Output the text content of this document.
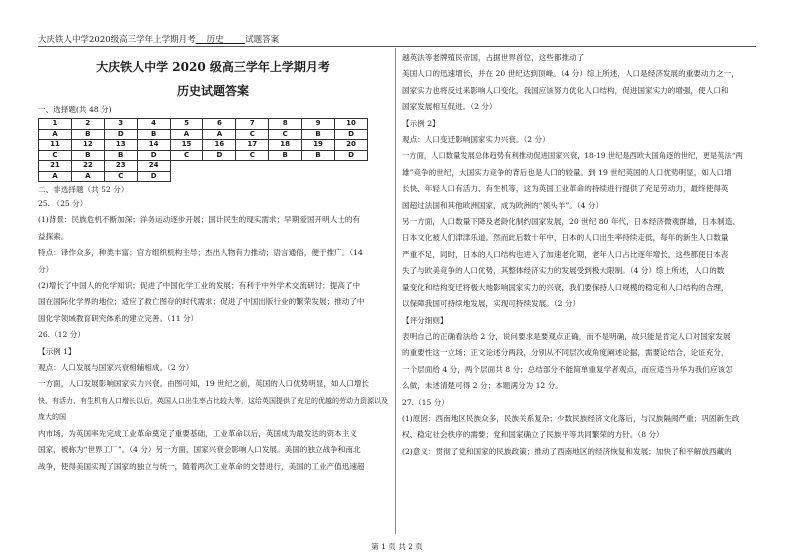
大庆铁人中学2020级高三学年上学期月考 历史	试题答案
大庆铁人中学 2020 级高三学年上学期月考
历史试题答案
一、选择题(共 48 分)
1	2	3	4	5	6	7	8	9	10
A	B	D	B	A	A	C	C	B	D
11	12	13	14	15	16	17	18	19	20
C	B	B	D	C	D	C	B	B	D
21	22	23	24						
A	A	C	D						
二、非选择题（共 52 分）

25. （25 分）

(1)背景：民族危机不断加深；洋务运动逐步开展；国计民生的现实需求；早期爱国开明人士的有

益探索。

特点：译作众多，种类丰富；官方组织机构主导；杰出人物有力推动；语言通俗，便于推广。（14

分）

(2)增长了中国人的化学知识；促进了中国化学工业的发展；有利于中外学术交流研讨；提高了中

国在国际化学界的地位；适应了救亡图存的时代需求；促进了中国出版行业的繁荣发展；推动了中

国化学领域教育研究体系的建立完善。（11 分）

26.（12 分）

【示例 1】

观点：人口发展与国家兴衰相辅相成。（2 分）

一方面，人口发展影响国家实力兴衰。由图可知，19 世纪之前，英国的人口优势明显，如人口增长

快、有活力、有生机有人口增长以后，英国人口出生率占比较大等，这给英国提供了充足的优越的劳动力资源以及庞大的国

内市场，为英国率先完成工业革命奠定了重要基础，工业革命以后，英国成为最发达的资本主义

国家，被称为“世界工厂”。（4 分）另一方面，国家兴衰会影响人口发展。美国的独立战争和南北

战争，使得美国实现了国家的独立与统一，随着两次工业革命的交替进行，美国的工业产值迅速超

越英法等老牌殖民帝国，占据世界首位，这些都推动了

美国人口的迅速增长，并在 20 世纪达到顶峰。（4 分）综上所述，人口是经济发展的重要动力之一，

国家实力也将反过来影响人口变化，我国应该努力优化人口结构，促进国家实力的增强，使人口和

国家发展相互促进。（2 分）

【示例 2】

观点：人口变迁影响国家实力兴衰。（2 分）

一方面，人口数量发展总体趋势有利推动促进国家兴衰，18-19 世纪是西欧大国角逐的世纪，更是英法“两

雄”竞争的世纪，大国实力竞争的背后也是人口的较量。到 19 世纪英国的人口优势明显，如人口增

长快、年轻人口有活力、有生机等，这为英国工业革命的持续进行提供了充足劳动力，最终使得英

国超过法国和其他欧洲国家，成为欧洲的“领头羊”。（4 分）

另一方面，人口数量下降及老龄化制约国家发展，20 世纪 80 年代，日本经济微观群雄，日本制造、

日本文化被人们津津乐道。然而此后数十年中，日本的人口出生率持续走低，每年的新生人口数量

严重不足，同时，日本的人口结构也进入了加速老化期，老年人口占比逐年增长，这些都使日本丧

失了与欧美竞争的人口优势，其整体经济实力的发展受到极大限制。（4 分）综上所述，人口的数

量变化和结构变迁将极大地影响国家实力的兴衰，我们要保持人口规模的稳定和人口结构的合理，

以保障我国可持续地发展，实现可持续发展。（2 分）

【评分细则】

表明自己的正确看法给 2 分，说问要求是要观点正确，而不是明确，故只能是肯定人口对国家发展

的重要性这一立场；正文论述分两段，分别从不同层次或角度阐述论据，需要论结合，论证充分，

一个层面给 4 分，两个层面共 8 分；总结部分不能简单重复学者观点，而应适当升华为我们应该怎

么做，未述清楚可得 2 分；本题满分为 12 分。

27.（15 分）

(1)原因：西南地区民族众多，民族关系复杂；少数民族经济文化落后，与汉族隔阂严重；巩固新生政

权、稳定社会秩序的需要；党和国家确立了民族平等共同繁荣的方针。（8 分）

(2)意义：贯彻了党和国家的民族政策；推动了西南地区的经济恢复和发展；加快了和平解放西藏的

第 1 页 共 2 页
